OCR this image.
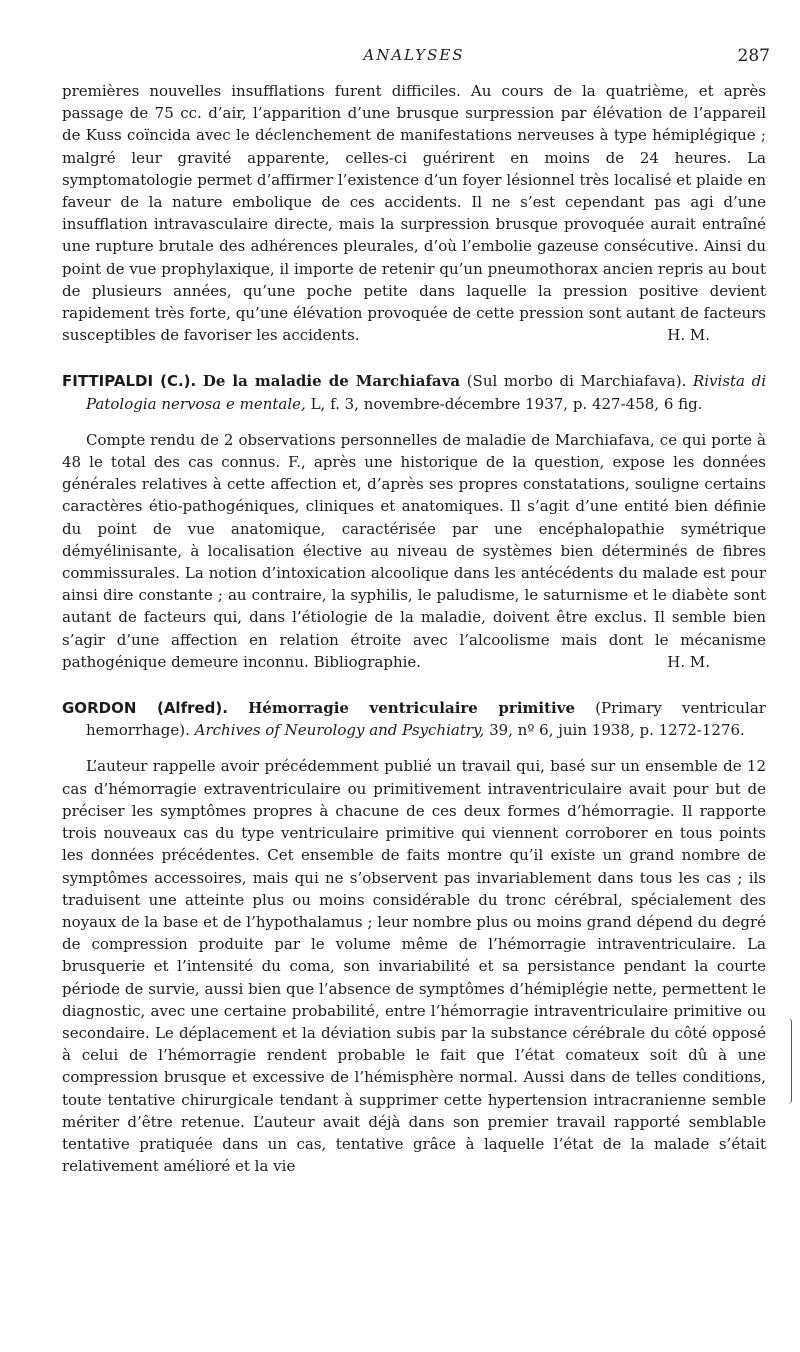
ANALYSES	287

premières nouvelles insufflations furent difficiles. Au cours de la quatrième, et après passage de 75 cc. d’air, l’apparition d’une brusque surpression par élévation de l’appareil de Kuss coïncida avec le déclenchement de manifestations nerveuses à type hémiplégique ; malgré leur gravité apparente, celles-ci guérirent en moins de 24 heures. La symptomatologie permet d’affirmer l’existence d’un foyer lésionnel très localisé et plaide en faveur de la nature embolique de ces accidents. Il ne s’est cependant pas agi d’une insufflation intravasculaire directe, mais la surpression brusque provoquée aurait entraîné une rupture brutale des adhérences pleurales, d’où l’embolie gazeuse consécutive. Ainsi du point de vue prophylaxique, il importe de retenir qu’un pneumothorax ancien repris au bout de plusieurs années, qu’une poche petite dans laquelle la pression positive devient rapidement très forte, qu’une élévation provoquée de cette pression sont autant de facteurs susceptibles de favoriser les accidents.	H. M.

FITTIPALDI (C.). De la maladie de Marchiafava (Sul morbo di Marchiafava). Rivista di Patologia nervosa e mentale, L, f. 3, novembre-décembre 1937, p. 427-458, 6 fig.

Compte rendu de 2 observations personnelles de maladie de Marchiafava, ce qui porte à 48 le total des cas connus. F., après une historique de la question, expose les données générales relatives à cette affection et, d’après ses propres constatations, souligne certains caractères étio-pathogéniques, cliniques et anatomiques. Il s’agit d’une entité bien définie du point de vue anatomique, caractérisée par une encéphalopathie symétrique démyélinisante, à localisation élective au niveau de systèmes bien déterminés de fibres commissurales. La notion d’intoxication alcoolique dans les antécédents du malade est pour ainsi dire constante ; au contraire, la syphilis, le paludisme, le saturnisme et le diabète sont autant de facteurs qui, dans l’étiologie de la maladie, doivent être exclus. Il semble bien s’agir d’une affection en relation étroite avec l’alcoolisme mais dont le mécanisme pathogénique demeure inconnu. Bibliographie.	H. M.

GORDON (Alfred). Hémorragie ventriculaire primitive (Primary ventricular hemorrhage). Archives of Neurology and Psychiatry, 39, nº 6, juin 1938, p. 1272-1276.

L’auteur rappelle avoir précédemment publié un travail qui, basé sur un ensemble de 12 cas d’hémorragie extraventriculaire ou primitivement intraventriculaire avait pour but de préciser les symptômes propres à chacune de ces deux formes d’hémorragie. Il rapporte trois nouveaux cas du type ventriculaire primitive qui viennent corroborer en tous points les données précédentes. Cet ensemble de faits montre qu’il existe un grand nombre de symptômes accessoires, mais qui ne s’observent pas invariablement dans tous les cas ; ils traduisent une atteinte plus ou moins considérable du tronc cérébral, spécialement des noyaux de la base et de l’hypothalamus ; leur nombre plus ou moins grand dépend du degré de compression produite par le volume même de l’hémorragie intraventriculaire. La brusquerie et l’intensité du coma, son invariabilité et sa persistance pendant la courte période de survie, aussi bien que l’absence de symptômes d’hémiplégie nette, permettent le diagnostic, avec une certaine probabilité, entre l’hémorragie intraventriculaire primitive ou secondaire. Le déplacement et la déviation subis par la substance cérébrale du côté opposé à celui de l’hémorragie rendent probable le fait que l’état comateux soit dû à une compression brusque et excessive de l’hémisphère normal. Aussi dans de telles conditions, toute tentative chirurgicale tendant à supprimer cette hypertension intracranienne semble mériter d’être retenue. L’auteur avait déjà dans son premier travail rapporté semblable tentative pratiquée dans un cas, tentative grâce à laquelle l’état de la malade s’était relativement amélioré et la vie
